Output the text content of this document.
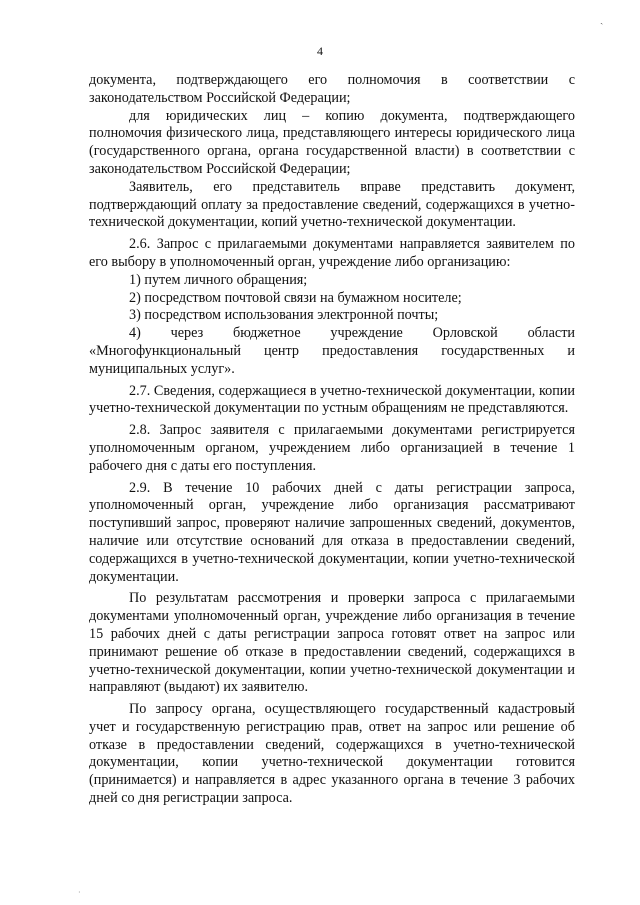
ˎ
4

документа, подтверждающего его полномочия в соответствии с законодательством Российской Федерации;

для юридических лиц – копию документа, подтверждающего полномочия физического лица, представляющего интересы юридического лица (государственного органа, органа государственной власти) в соответствии с законодательством Российской Федерации;

Заявитель, его представитель вправе представить документ, подтверждающий оплату за предоставление сведений, содержащихся в учетно-технической документации, копий учетно-технической документации.

2.6. Запрос с прилагаемыми документами направляется заявителем по его выбору в уполномоченный орган, учреждение либо организацию:

1) путем личного обращения;

2) посредством почтовой связи на бумажном носителе;

3) посредством использования электронной почты;

4) через бюджетное учреждение Орловской области «Многофункциональный центр предоставления государственных и муниципальных услуг».

2.7. Сведения, содержащиеся в учетно-технической документации, копии учетно-технической документации по устным обращениям не представляются.

2.8. Запрос заявителя с прилагаемыми документами регистрируется уполномоченным органом, учреждением либо организацией в течение 1 рабочего дня с даты его поступления.

2.9. В течение 10 рабочих дней с даты регистрации запроса, уполномоченный орган, учреждение либо организация рассматривают поступивший запрос, проверяют наличие запрошенных сведений, документов, наличие или отсутствие оснований для отказа в предоставлении сведений, содержащихся в учетно-технической документации, копии учетно-технической документации.

По результатам рассмотрения и проверки запроса с прилагаемыми документами уполномоченный орган, учреждение либо организация в течение 15 рабочих дней с даты регистрации запроса готовят ответ на запрос или принимают решение об отказе в предоставлении сведений, содержащихся в учетно-технической документации, копии учетно-технической документации и направляют (выдают) их заявителю.

По запросу органа, осуществляющего государственный кадастровый учет и государственную регистрацию прав, ответ на запрос или решение об отказе в предоставлении сведений, содержащихся в учетно-технической документации, копии учетно-технической документации готовится (принимается) и направляется в адрес указанного органа в течение 3 рабочих дней со дня регистрации запроса.

·
